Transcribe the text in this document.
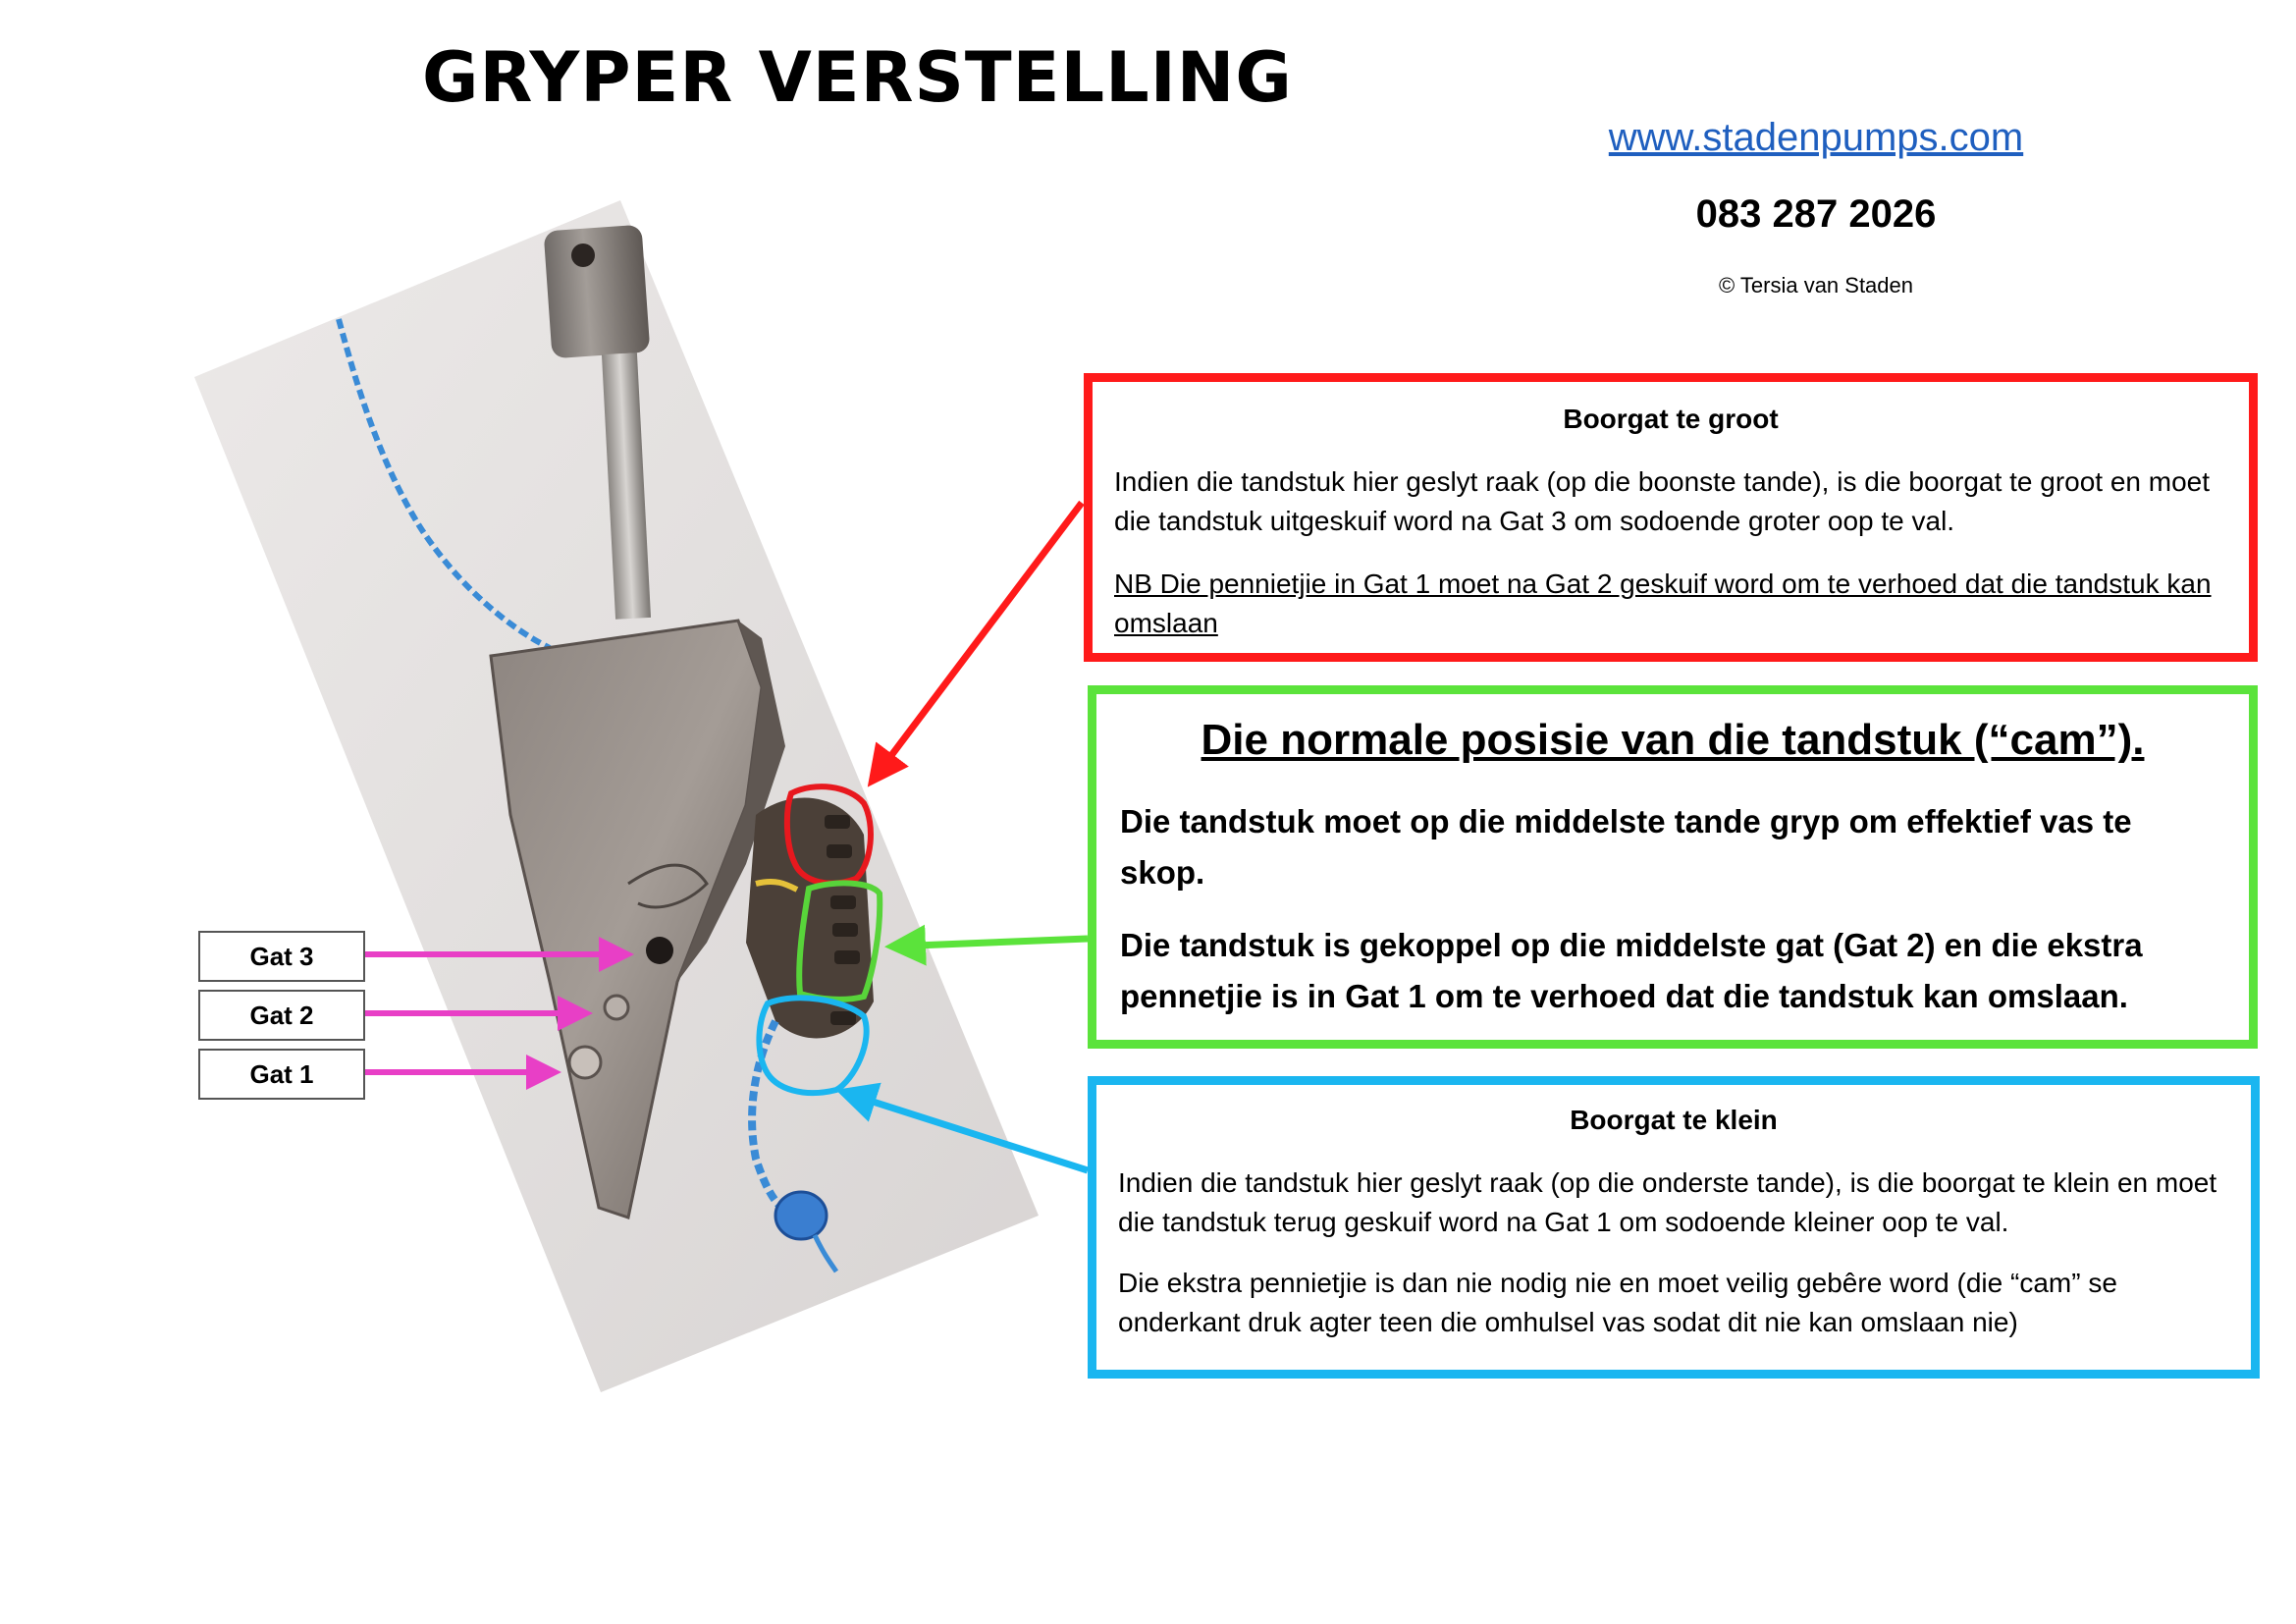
GRYPER VERSTELLING
www.stadenpumps.com
083 287 2026
© Tersia van Staden
Gat 3
Gat 2
Gat 1
Boorgat te groot

Indien die tandstuk hier geslyt raak (op die boonste tande), is die boorgat te groot en moet die tandstuk uitgeskuif word na Gat 3 om sodoende groter oop te val.

NB Die pennietjie in Gat 1 moet na Gat 2 geskuif word om te verhoed dat die tandstuk kan omslaan

Die normale posisie van die tandstuk (“cam”).

Die tandstuk moet op die middelste tande gryp om effektief vas te skop.

Die tandstuk is gekoppel op die middelste gat (Gat 2) en die ekstra pennetjie is in Gat 1 om te verhoed dat die tandstuk kan omslaan.

Boorgat te klein

Indien die tandstuk hier geslyt raak (op die onderste tande), is die boorgat te klein en moet die tandstuk terug geskuif word na Gat 1 om sodoende kleiner oop te val.

Die ekstra pennietjie is dan nie nodig nie en moet veilig gebêre word (die “cam” se onderkant druk agter teen die omhulsel vas sodat dit nie kan omslaan nie)
